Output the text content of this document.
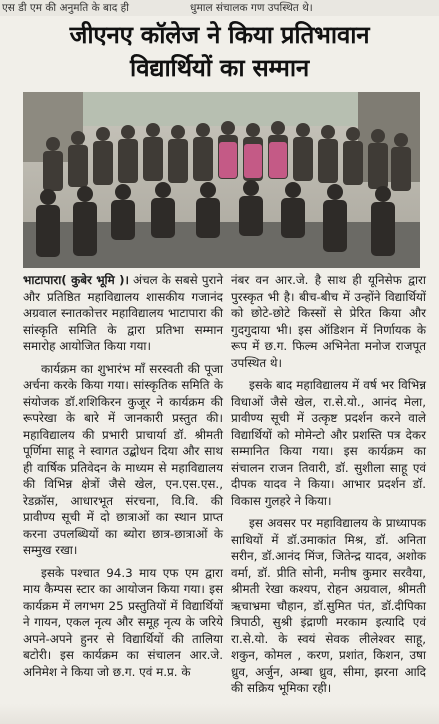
एस डी एम की अनुमति के बाद ही	धुमाल संचालक गण उपस्थित थे।
जीएनए कॉलेज ने किया प्रतिभावान
विद्यार्थियों का सम्मान

भाटापारा( कुबेर भूमि )। अंचल के सबसे पुराने और प्रतिष्ठित महाविद्यालय शासकीय गजानंद अग्रवाल स्नातकोत्तर महाविद्यालय भाटापारा की सांस्कृति समिति के द्वारा प्रतिभा सम्मान समारोह आयोजित किया गया।

कार्यक्रम का शुभारंभ माँ सरस्वती की पूजा अर्चना करके किया गया। सांस्कृतिक समिति के संयोजक डॉ.शशिकिरन कुजूर ने कार्यक्रम की रूपरेखा के बारे में जानकारी प्रस्तुत की। महाविद्यालय की प्रभारी प्राचार्या डॉ. श्रीमती पूर्णिमा साहू ने स्वागत उद्बोधन दिया और साथ ही वार्षिक प्रतिवेदन के माध्यम से महाविद्यालय की विभिन्न क्षेत्रों जैसे खेल, एन.एस.एस., रेडक्रॉस, आधारभूत संरचना, वि.वि. की प्रावीण्य सूची में दो छात्राओं का स्थान प्राप्त करना उपलब्धियों का ब्योरा छात्र-छात्राओं के सम्मुख रखा।

इसके पश्चात 94.3 माय एफ एम द्वारा माय कैम्पस स्टार का आयोजन किया गया। इस कार्यक्रम में लगभग 25 प्रस्तुतियों में विद्यार्थियों ने गायन, एकल नृत्य और समूह नृत्य के जरिये अपने-अपने हुनर से विद्यार्थियों की तालिया बटोरी। इस कार्यक्रम का संचालन आर.जे. अनिमेश ने किया जो छ.ग. एवं म.प्र. के

नंबर वन आर.जे. है साथ ही यूनिसेफ द्वारा पुरस्कृत भी है। बीच-बीच में उन्होंने विद्यार्थियों को छोटे-छोटे किस्सों से प्रेरित किया और गुदगुदाया भी। इस ऑडिशन में निर्णायक के रूप में छ.ग. फिल्म अभिनेता मनोज राजपूत उपस्थित थे।

इसके बाद महाविद्यालय में वर्ष भर विभिन्न विधाओं जैसे खेल, रा.से.यो., आनंद मेला, प्रावीण्य सूची में उत्कृष्ट प्रदर्शन करने वाले विद्यार्थियों को मोमेन्टो और प्रशस्ति पत्र देकर सम्मानित किया गया। इस कार्यक्रम का संचालन राजन तिवारी, डॉ. सुशीला साहू एवं दीपक यादव ने किया। आभार प्रदर्शन डॉ. विकास गुलहरे ने किया।

इस अवसर पर महाविद्यालय के प्राध्यापक साथियों में डॉ.उमाकांत मिश्र, डॉ. अनिता सरीन, डॉ.आनंद मिंज, जितेन्द्र यादव, अशोक वर्मा, डॉ. प्रीति सोनी, मनीष कुमार सरवैया, श्रीमती रेखा कश्यप, रोहन अग्रवाल, श्रीमती ऋचाभ्रमा चौहान, डॉ.सुमित पंत, डॉ.दीपिका त्रिपाठी, सुश्री इंद्राणी मरकाम इत्यादि एवं रा.से.यो. के स्वयं सेवक लीलेश्वर साहू, शकुन, कोमल , करण, प्रशांत, किशन, उषा ध्रुव, अर्जुन, अम्बा ध्रुव, सीमा, झरना आदि की सक्रिय भूमिका रही।
